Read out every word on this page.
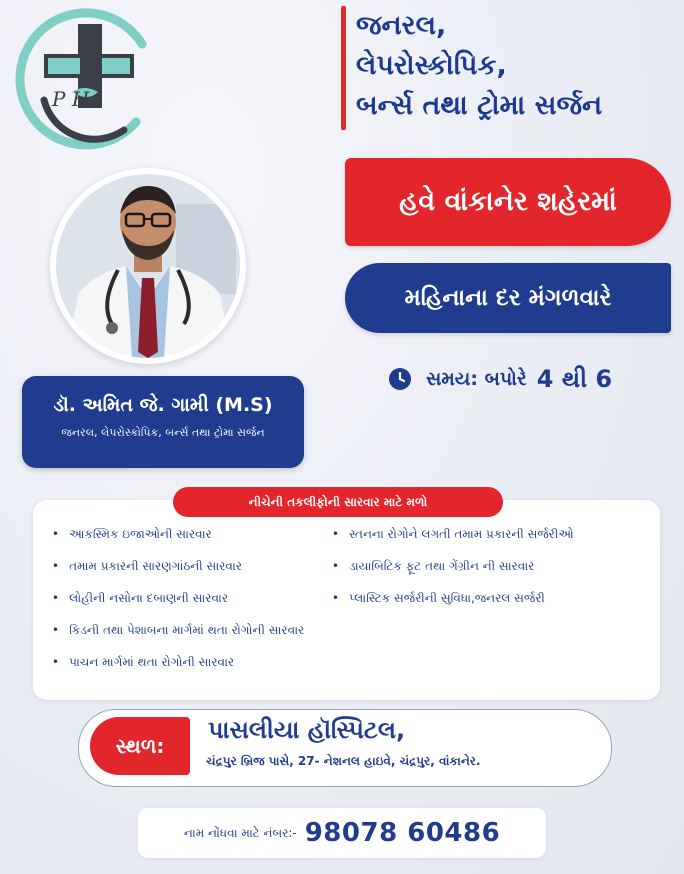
P H
જનરલ,
લેપરોસ્કોપિક,
બર્ન્સ તથા ટ્રોમા સર્જન
હવે વાંકાનેર શહેરમાં
મહિનાના દર મંગળવારે
સમય: બપોરે 4 થી 6
ડૉ. અમિત જે. ગામી (M.S)
જનરલ, લેપરોસ્કોપિક, બર્ન્સ તથા ટ્રોમા સર્જન
નીચેની તકલીફોની સારવાર માટે મળો
• આકસ્મિક ઇજાઓની સારવાર
• તમામ પ્રકારની સારણગાંઠની સારવાર
• લોહીની નસોના દબાણની સારવાર
• કિડની તથા પેશાબના માર્ગમાં થતા રોગોની સારવાર
• પાચન માર્ગમાં થતા રોગોની સારવાર
• સ્તનના રોગોને લગતી તમામ પ્રકારની સર્જરીઓ
• ડાયાબિટિક ફૂટ તથા ગેંગ્રીન ની સારવાર
• પ્લાસ્ટિક સર્જરીની સુવિધા,જનરલ સર્જરી
સ્થળ:
પાસલીયા હૉસ્પિટલ,
ચંદ્રપુર બ્રિજ પાસે, 27- નેશનલ હાઇવે, ચંદ્રપુર, વાંકાનેર.
નામ નોંધવા માટે નંબર:- 98078 60486
